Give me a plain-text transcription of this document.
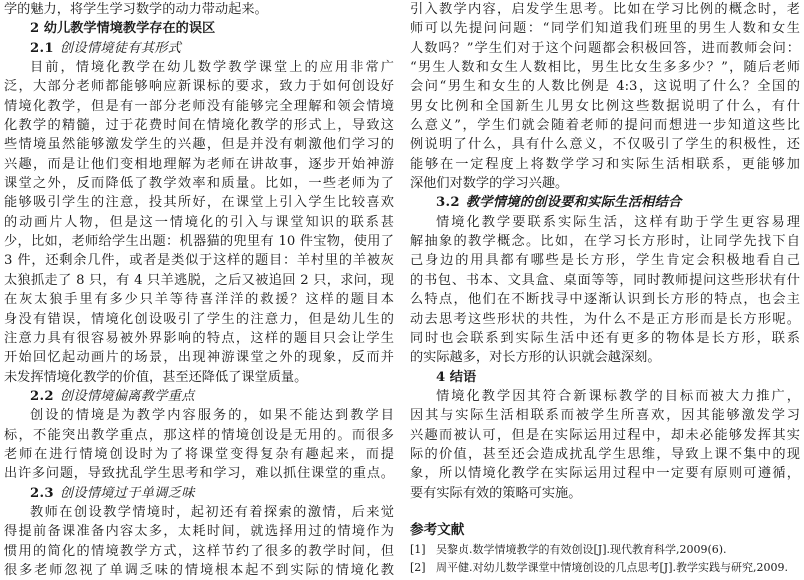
学的魅力，将学生学习数学的动力带动起来。
2 幼儿教学情境教学存在的误区
2.1 创设情境徒有其形式
目前，情境化教学在幼儿数学教学课堂上的应用非常广
泛，大部分老师都能够响应新课标的要求，致力于如何创设好
情境化教学，但是有一部分老师没有能够完全理解和领会情境
化教学的精髓，过于花费时间在情境化教学的形式上，导致这
些情境虽然能够激发学生的兴趣，但是并没有刺激他们学习的
兴趣，而是让他们变相地理解为老师在讲故事，逐步开始神游
课堂之外，反而降低了教学效率和质量。比如，一些老师为了
能够吸引学生的注意，投其所好，在课堂上引入学生比较喜欢
的动画片人物，但是这一情境化的引入与课堂知识的联系甚
少，比如，老师给学生出题：机器猫的兜里有 10 件宝物，使用了
3 件，还剩余几件，或者是类似于这样的题目：羊村里的羊被灰
太狼抓走了 8 只，有 4 只羊逃脱，之后又被追回 2 只，求问，现
在灰太狼手里有多少只羊等待喜洋洋的救援？这样的题目本
身没有错误，情境化创设吸引了学生的注意力，但是幼儿生的
注意力具有很容易被外界影响的特点，这样的题目只会让学生
开始回忆起动画片的场景，出现神游课堂之外的现象，反而并
未发挥情境化教学的价值，甚至还降低了课堂质量。
2.2 创设情境偏离教学重点
创设的情境是为教学内容服务的，如果不能达到教学目
标，不能突出教学重点，那这样的情境创设是无用的。而很多
老师在进行情境创设时为了将课堂变得复杂有趣起来，而提
出许多问题，导致扰乱学生思考和学习，难以抓住课堂的重点。
2.3 创设情境过于单调乏味
教师在创设教学情境时，起初还有着探索的激情，后来觉
得提前备课准备内容太多，太耗时间，就选择用过的情境作为
惯用的简化的情境教学方式，这样节约了很多的教学时间，但
很多老师忽视了单调乏味的情境根本起不到实际的情境化教
引入教学内容，启发学生思考。比如在学习比例的概念时，老
师可以先提问问题：“同学们知道我们班里的男生人数和女生
人数吗？”学生们对于这个问题都会积极回答，进而教师会问：
“男生人数和女生人数相比，男生比女生多多少？”，随后老师
会问“男生和女生的人数比例是 4:3，这说明了什么？全国的
男女比例和全国新生儿男女比例这些数据说明了什么，有什
么意义”，学生们就会随着老师的提问而想进一步知道这些比
例说明了什么，具有什么意义，不仅吸引了学生的积极性，还
能够在一定程度上将数学学习和实际生活相联系，更能够加
深他们对数学的学习兴趣。
3.2 教学情境的创设要和实际生活相结合
情境化教学要联系实际生活，这样有助于学生更容易理
解抽象的教学概念。比如，在学习长方形时，让同学先找下自
己身边的用具都有哪些是长方形，学生肯定会积极地看自己
的书包、书本、文具盒、桌面等等，同时教师提问这些形状有什
么特点，他们在不断找寻中逐渐认识到长方形的特点，也会主
动去思考这些形状的共性，为什么不是正方形而是长方形呢。
同时也会联系到实际生活中还有更多的物体是长方形，联系
的实际越多，对长方形的认识就会越深刻。
4 结语
情境化教学因其符合新课标教学的目标而被大力推广，
因其与实际生活相联系而被学生所喜欢，因其能够激发学习
兴趣而被认可，但是在实际运用过程中，却未必能够发挥其实
际的价值，甚至还会造成扰乱学生思维，导致上课不集中的现
象，所以情境化教学在实际运用过程中一定要有原则可遵循，
要有实际有效的策略可实施。
参考文献
[1] 吴黎贞.数学情境教学的有效创设[J].现代教育科学,2009(6).
[2] 周平健.对幼儿数学课堂中情境创设的几点思考[J].教学实践与研究,2009.
